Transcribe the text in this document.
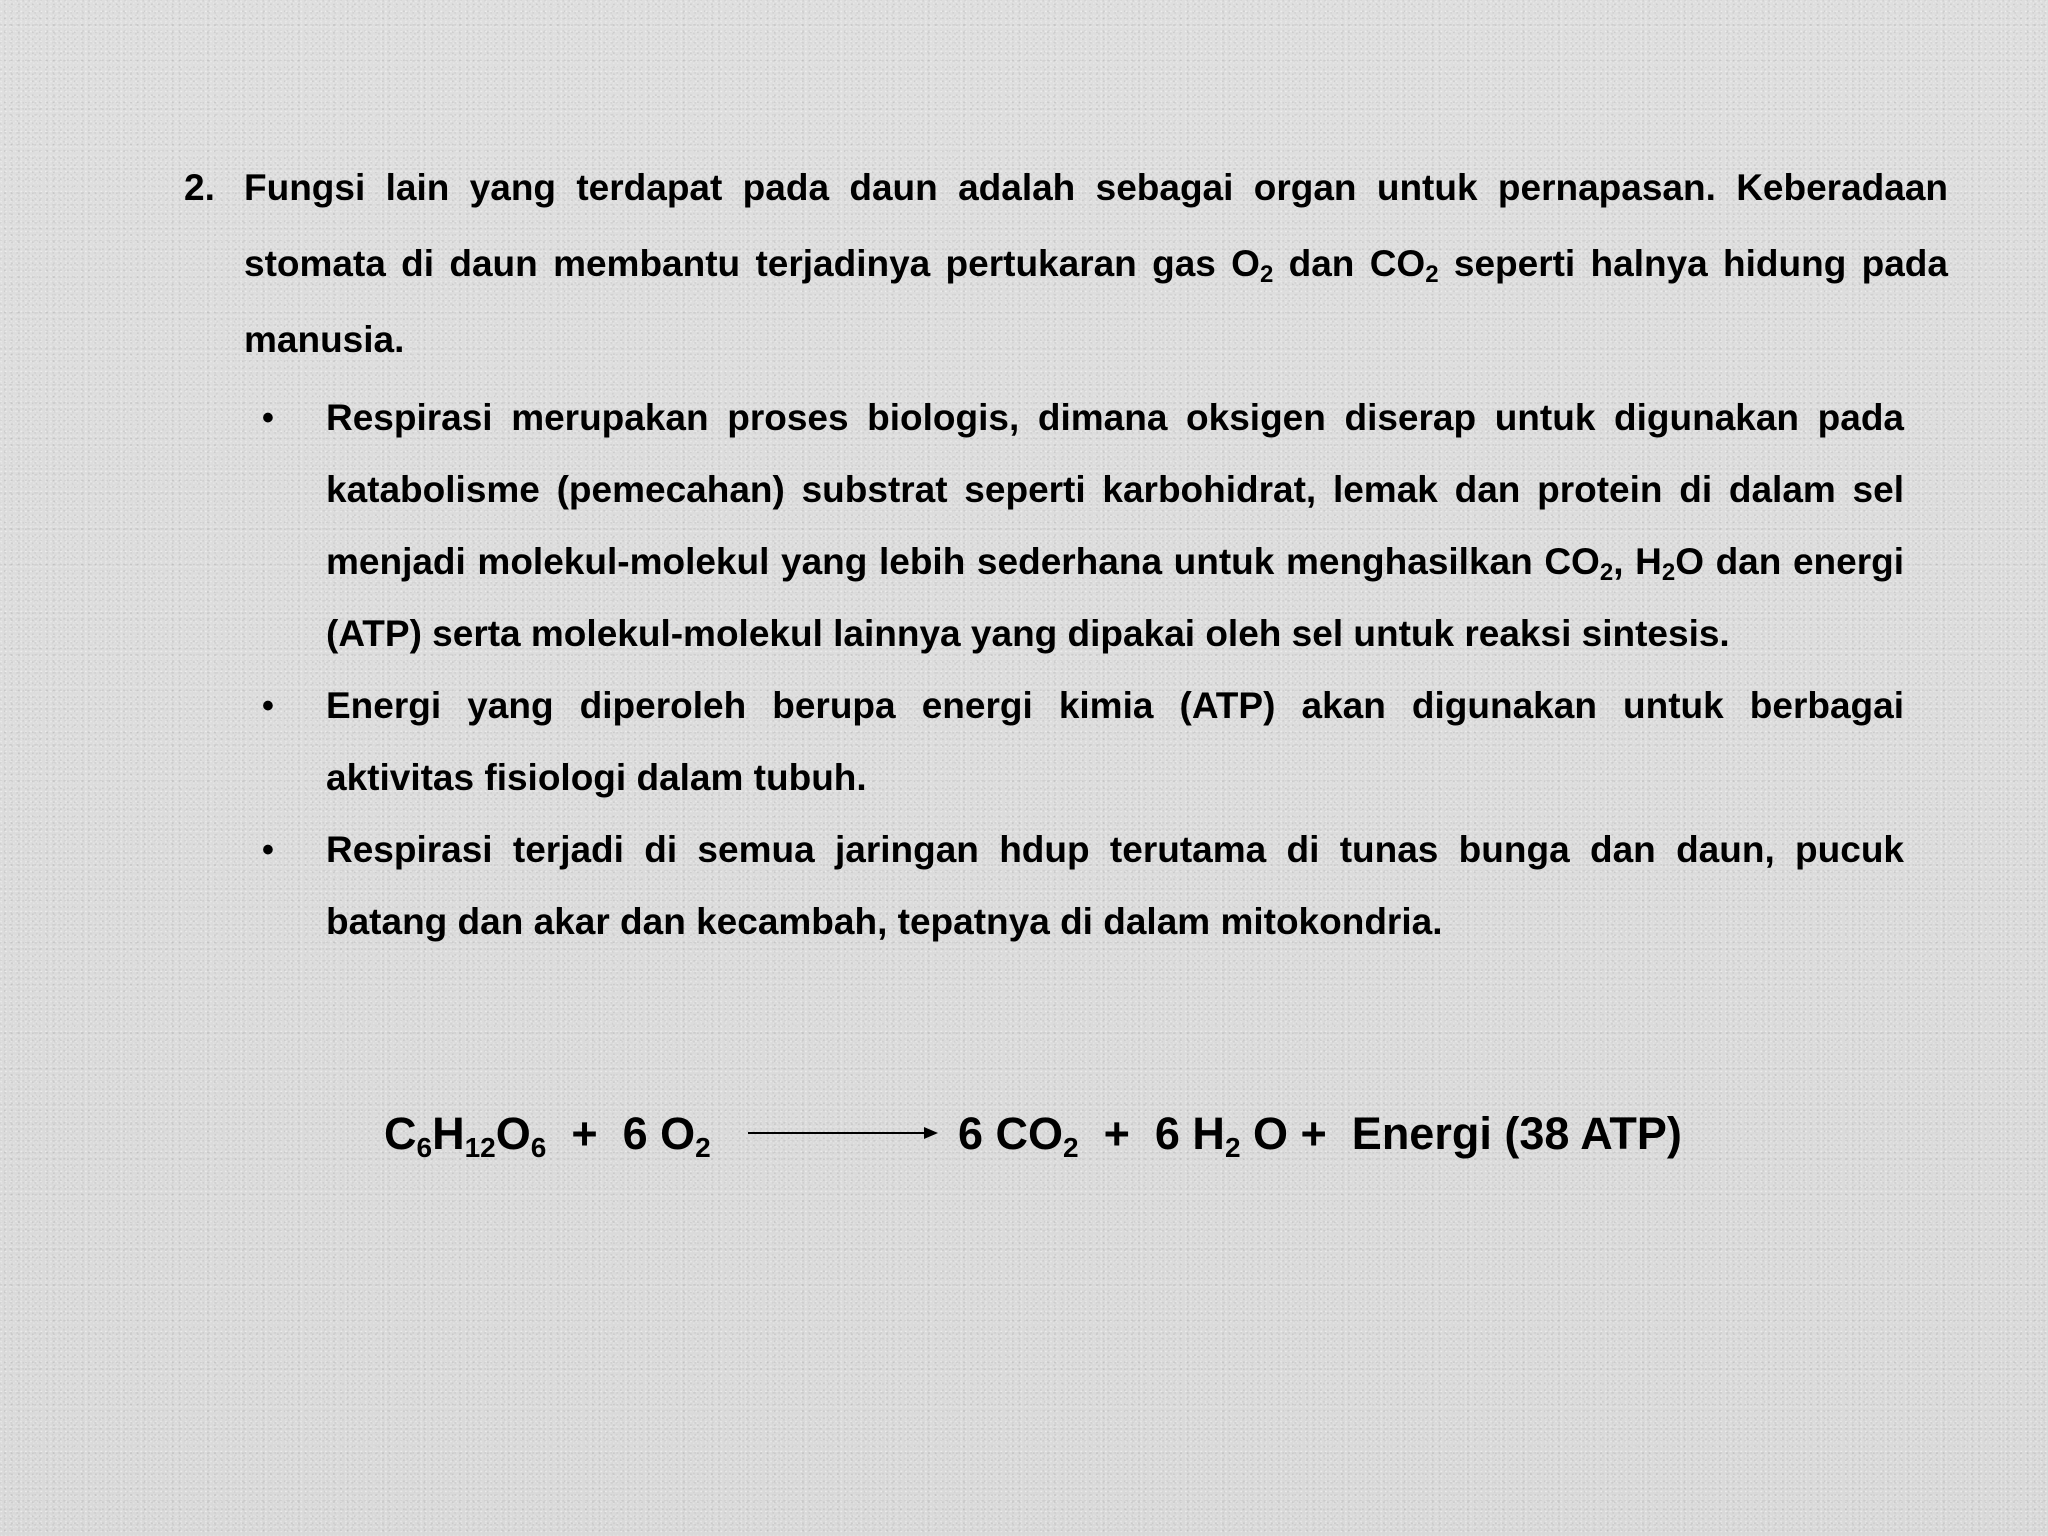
2. Fungsi lain yang terdapat pada daun adalah sebagai organ untuk pernapasan. Keberadaan stomata di daun membantu terjadinya pertukaran gas $O_2$ dan $CO_2$ seperti halnya hidung pada manusia.
• Respirasi merupakan proses biologis, dimana oksigen diserap untuk digunakan pada katabolisme (pemecahan) substrat seperti karbohidrat, lemak dan protein di dalam sel menjadi molekul-molekul yang lebih sederhana untuk menghasilkan $CO_2$, $H_2O$ dan energi (ATP) serta molekul-molekul lainnya yang dipakai oleh sel untuk reaksi sintesis.
• Energi yang diperoleh berupa energi kimia (ATP) akan digunakan untuk berbagai aktivitas fisiologi dalam tubuh.
• Respirasi terjadi di semua jaringan hdup terutama di tunas bunga dan daun, pucuk batang dan akar dan kecambah, tepatnya di dalam mitokondria.
$C_6H_{12}O_6 + 6$ $O_2$	6 $CO_2 + 6$ $H_2$ O +  Energi (38 ATP)
